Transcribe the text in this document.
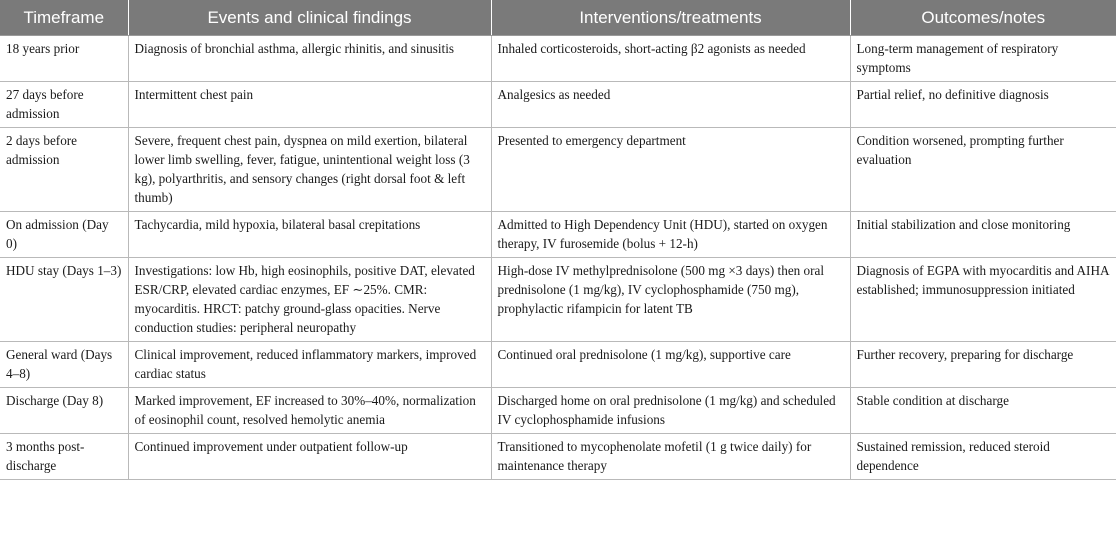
Timeframe	Events and clinical findings	Interventions/treatments	Outcomes/notes
18 years prior	Diagnosis of bronchial asthma, allergic rhinitis, and sinusitis	Inhaled corticosteroids, short-acting β2 agonists as needed	Long-term management of respiratory symptoms
27 days before admission	Intermittent chest pain	Analgesics as needed	Partial relief, no definitive diagnosis
2 days before admission	Severe, frequent chest pain, dyspnea on mild exertion, bilateral lower limb swelling, fever, fatigue, unintentional weight loss (3 kg), polyarthritis, and sensory changes (right dorsal foot & left thumb)	Presented to emergency department	Condition worsened, prompting further evaluation
On admission (Day 0)	Tachycardia, mild hypoxia, bilateral basal crepitations	Admitted to High Dependency Unit (HDU), started on oxygen therapy, IV furosemide (bolus + 12-h)	Initial stabilization and close monitoring
HDU stay (Days 1–3)	Investigations: low Hb, high eosinophils, positive DAT, elevated ESR/CRP, elevated cardiac enzymes, EF ∼25%. CMR: myocarditis. HRCT: patchy ground-glass opacities. Nerve conduction studies: peripheral neuropathy	High-dose IV methylprednisolone (500 mg ×3 days) then oral prednisolone (1 mg/kg), IV cyclophosphamide (750 mg), prophylactic rifampicin for latent TB	Diagnosis of EGPA with myocarditis and AIHA established; immunosuppression initiated
General ward (Days 4–8)	Clinical improvement, reduced inflammatory markers, improved cardiac status	Continued oral prednisolone (1 mg/kg), supportive care	Further recovery, preparing for discharge
Discharge (Day 8)	Marked improvement, EF increased to 30%–40%, normalization of eosinophil count, resolved hemolytic anemia	Discharged home on oral prednisolone (1 mg/kg) and scheduled IV cyclophosphamide infusions	Stable condition at discharge
3 months post-discharge	Continued improvement under outpatient follow-up	Transitioned to mycophenolate mofetil (1 g twice daily) for maintenance therapy	Sustained remission, reduced steroid dependence
